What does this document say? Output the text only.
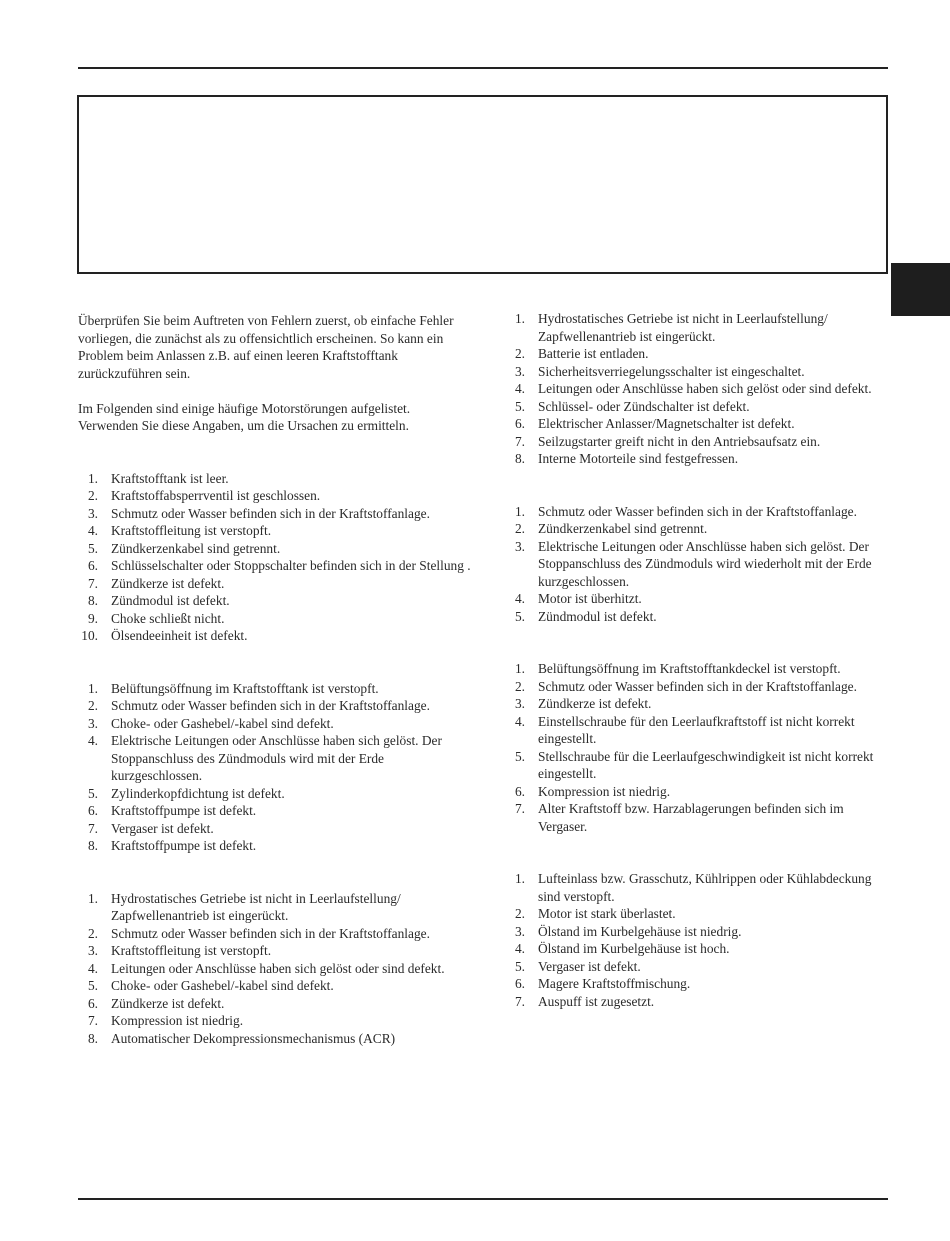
Überprüfen Sie beim Auftreten von Fehlern zuerst, ob einfache Fehler vorliegen, die zunächst als zu offensichtlich erscheinen. So kann ein Problem beim Anlassen z.B. auf einen leeren Kraftstofftank zurückzuführen sein.

Im Folgenden sind einige häufige Motorstörungen aufgelistet. Verwenden Sie diese Angaben, um die Ursachen zu ermitteln.

1. Kraftstofftank ist leer.
2. Kraftstoffabsperrventil ist geschlossen.
3. Schmutz oder Wasser befinden sich in der Kraftstoffanlage.
4. Kraftstoffleitung ist verstopft.
5. Zündkerzenkabel sind getrennt.
6. Schlüsselschalter oder Stoppschalter befinden sich in der Stellung .
7. Zündkerze ist defekt.
8. Zündmodul ist defekt.
9. Choke schließt nicht.
10. Ölsendeeinheit ist defekt.
1. Belüftungsöffnung im Kraftstofftank ist verstopft.
2. Schmutz oder Wasser befinden sich in der Kraftstoffanlage.
3. Choke- oder Gashebel/-kabel sind defekt.
4. Elektrische Leitungen oder Anschlüsse haben sich gelöst. Der Stoppanschluss des Zündmoduls wird mit der Erde kurzgeschlossen.
5. Zylinderkopfdichtung ist defekt.
6. Kraftstoffpumpe ist defekt.
7. Vergaser ist defekt.
8. Kraftstoffpumpe ist defekt.
1. Hydrostatisches Getriebe ist nicht in Leerlaufstellung/ Zapfwellenantrieb ist eingerückt.
2. Schmutz oder Wasser befinden sich in der Kraftstoffanlage.
3. Kraftstoffleitung ist verstopft.
4. Leitungen oder Anschlüsse haben sich gelöst oder sind defekt.
5. Choke- oder Gashebel/-kabel sind defekt.
6. Zündkerze ist defekt.
7. Kompression ist niedrig.
8. Automatischer Dekompressionsmechanismus (ACR)
1. Hydrostatisches Getriebe ist nicht in Leerlaufstellung/ Zapfwellenantrieb ist eingerückt.
2. Batterie ist entladen.
3. Sicherheitsverriegelungsschalter ist eingeschaltet.
4. Leitungen oder Anschlüsse haben sich gelöst oder sind defekt.
5. Schlüssel- oder Zündschalter ist defekt.
6. Elektrischer Anlasser/Magnetschalter ist defekt.
7. Seilzugstarter greift nicht in den Antriebsaufsatz ein.
8. Interne Motorteile sind festgefressen.
1. Schmutz oder Wasser befinden sich in der Kraftstoffanlage.
2. Zündkerzenkabel sind getrennt.
3. Elektrische Leitungen oder Anschlüsse haben sich gelöst. Der Stoppanschluss des Zündmoduls wird wiederholt mit der Erde kurzgeschlossen.
4. Motor ist überhitzt.
5. Zündmodul ist defekt.
1. Belüftungsöffnung im Kraftstofftankdeckel ist verstopft.
2. Schmutz oder Wasser befinden sich in der Kraftstoffanlage.
3. Zündkerze ist defekt.
4. Einstellschraube für den Leerlaufkraftstoff ist nicht korrekt eingestellt.
5. Stellschraube für die Leerlaufgeschwindigkeit ist nicht korrekt eingestellt.
6. Kompression ist niedrig.
7. Alter Kraftstoff bzw. Harzablagerungen befinden sich im Vergaser.
1. Lufteinlass bzw. Grasschutz, Kühlrippen oder Kühlabdeckung sind verstopft.
2. Motor ist stark überlastet.
3. Ölstand im Kurbelgehäuse ist niedrig.
4. Ölstand im Kurbelgehäuse ist hoch.
5. Vergaser ist defekt.
6. Magere Kraftstoffmischung.
7. Auspuff ist zugesetzt.
